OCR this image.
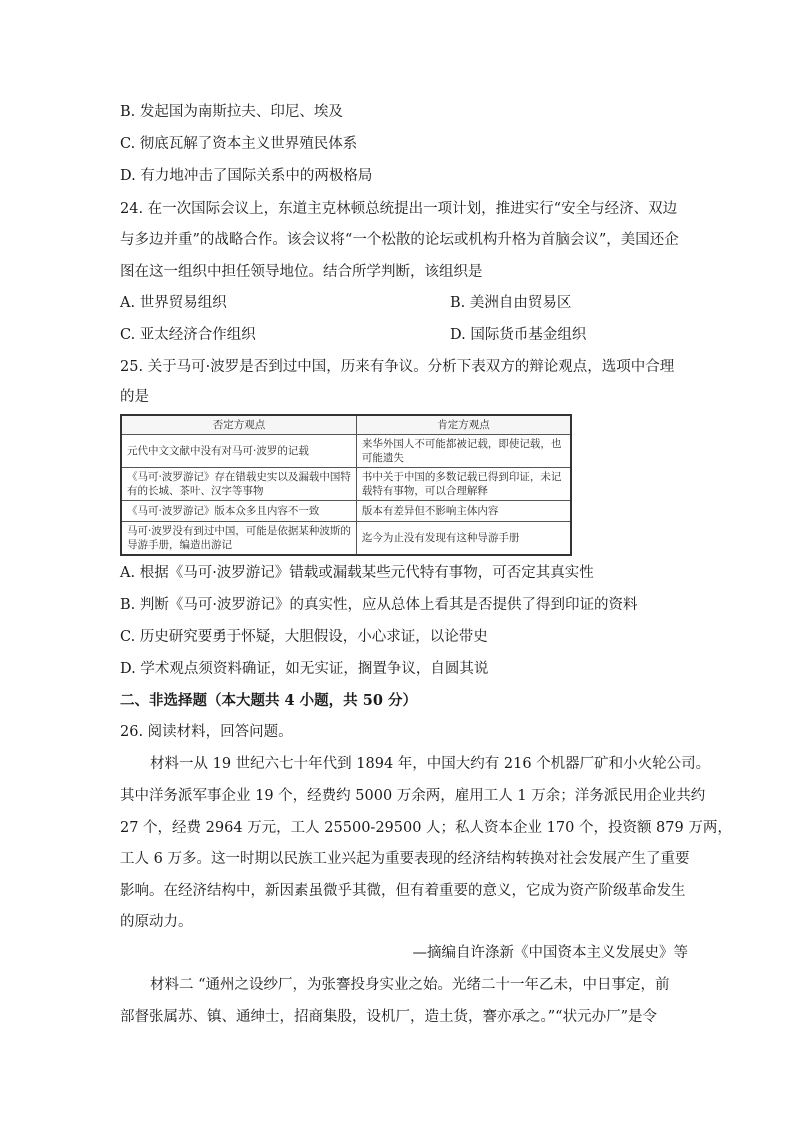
B. 发起国为南斯拉夫、印尼、埃及
C. 彻底瓦解了资本主义世界殖民体系
D. 有力地冲击了国际关系中的两极格局
24. 在一次国际会议上，东道主克林顿总统提出一项计划，推进实行“安全与经济、双边
与多边并重”的战略合作。该会议将“一个松散的论坛或机构升格为首脑会议”，美国还企
图在这一组织中担任领导地位。结合所学判断，该组织是
A. 世界贸易组织	B. 美洲自由贸易区
C. 亚太经济合作组织	D. 国际货币基金组织
25. 关于马可·波罗是否到过中国，历来有争议。分析下表双方的辩论观点，选项中合理
的是
否定方观点	肯定方观点
元代中文文献中没有对马可·波罗的记载	来华外国人不可能都被记载，即使记载，也可能遗失
《马可·波罗游记》存在错载史实以及漏载中国特有的长城、茶叶、汉字等事物	书中关于中国的多数记载已得到印证，未记载特有事物，可以合理解释
《马可·波罗游记》版本众多且内容不一致	版本有差异但不影响主体内容
马可·波罗没有到过中国，可能是依据某种波斯的导游手册，编造出游记	迄今为止没有发现有这种导游手册
A. 根据《马可·波罗游记》错载或漏载某些元代特有事物，可否定其真实性
B. 判断《马可·波罗游记》的真实性，应从总体上看其是否提供了得到印证的资料
C. 历史研究要勇于怀疑，大胆假设，小心求证，以论带史
D. 学术观点须资料确证，如无实证，搁置争议，自圆其说
二、非选择题（本大题共 4 小题，共 50 分）
26. 阅读材料，回答问题。
材料一从 19 世纪六七十年代到 1894 年，中国大约有 216 个机器厂矿和小火轮公司。
其中洋务派军事企业 19 个，经费约 5000 万余两，雇用工人 1 万余；洋务派民用企业共约
27 个，经费 2964 万元，工人 25500-29500 人；私人资本企业 170 个，投资额 879 万两，
工人 6 万多。这一时期以民族工业兴起为重要表现的经济结构转换对社会发展产生了重要
影响。在经济结构中，新因素虽微乎其微，但有着重要的意义，它成为资产阶级革命发生
的原动力。
—摘编自许涤新《中国资本主义发展史》等
材料二 “通州之设纱厂，为张謇投身实业之始。光绪二十一年乙未，中日事定，前
部督张属苏、镇、通绅士，招商集股，设机厂，造土货，謇亦承之。”“状元办厂”是令
